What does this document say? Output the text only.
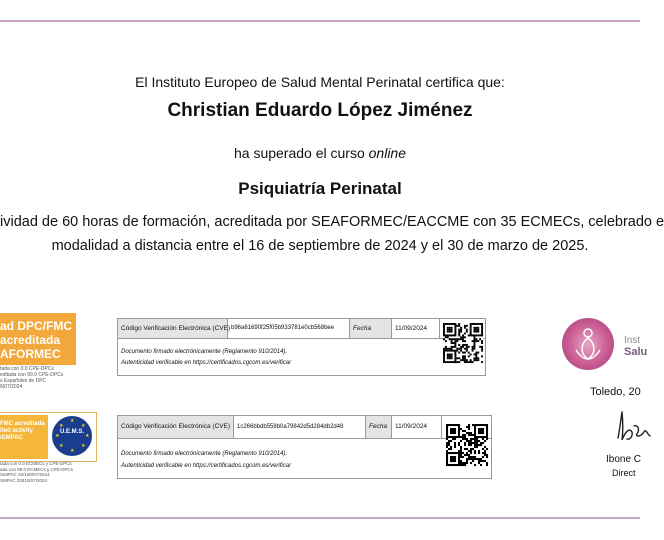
El Instituto Europeo de Salud Mental Perinatal certifica que:
Christian Eduardo López Jiménez
ha superado el curso online
Psiquiatría Perinatal
ividad de 60 horas de formación, acreditada por SEAFORMEC/EACCME con 35 ECMECs, celebrado e
modalidad a distancia entre el 16 de septiembre de 2024 y el 30 de marzo de 2025.
ad DPC/FMC
acreditada
AFORMEC
tada con 0.0 CPE-DPCs
editada con 99.0 CPE-DPCs
s Españoles de DPC
6/07/2024
FMC acreditada
ited activity
/SMPAC
★
★
★
★
★
★
★
★
U.E.M.S.
tada con 0.0 ECMECs y CPE-DPCs
ada con 99.0 ECMECs y CPE-DPCs
/SMPAC 02/100/07/2024
SMPAC 02810/07/2024
Código Verificación Electrónica (CVE) b96a61690f25f05b933781e0cb568bee	Fecha	11/09/2024
Documento firmado electrónicamente (Reglamento 910/2014).
Autenticidad verificable en https://certificados.cgcom.es/verificar
Código Verificación Electrónica (CVE)	1c266bbdb558b0a79842d5d284db2d48	Fecha	11/09/2024
Documento firmado electrónicamente (Reglamento 910/2014).
Autenticidad verificable en https://certificados.cgcom.es/verificar
Inst
Salu
Toledo, 20
Ibone C
Direct
